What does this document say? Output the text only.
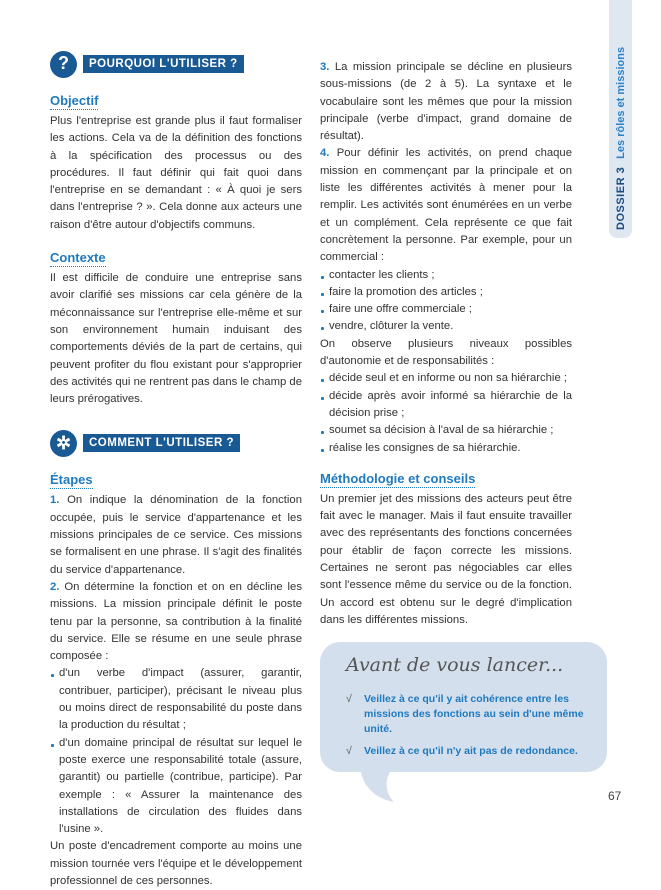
DOSSIER 3Les rôles et missions
?	POURQUOI L'UTILISER ?
Objectif

Plus l'entreprise est grande plus il faut formaliser les actions. Cela va de la définition des fonctions à la spécification des processus ou des procédures. Il faut définir qui fait quoi dans l'entreprise en se demandant : « À quoi je sers dans l'entreprise ? ». Cela donne aux acteurs une raison d'être autour d'objectifs communs.

Contexte

Il est difficile de conduire une entreprise sans avoir clarifié ses missions car cela génère de la méconnaissance sur l'entreprise elle-même et sur son environnement humain induisant des comportements déviés de la part de certains, qui peuvent profiter du flou existant pour s'approprier des activités qui ne rentrent pas dans le champ de leurs prérogatives.

✲	COMMENT L'UTILISER ?
Étapes

1. On indique la dénomination de la fonction occupée, puis le service d'appartenance et les missions principales de ce service. Ces missions se formalisent en une phrase. Il s'agit des finalités du service d'appartenance.

2. On détermine la fonction et on en décline les missions. La mission principale définit le poste tenu par la personne, sa contribution à la finalité du service. Elle se résume en une seule phrase composée :

d'un verbe d'impact (assurer, garantir, contribuer, participer), précisant le niveau plus ou moins direct de responsabilité du poste dans la production du résultat ;
d'un domaine principal de résultat sur lequel le poste exerce une responsabilité totale (assure, garantit) ou partielle (contribue, participe). Par exemple : « Assurer la maintenance des installations de circulation des fluides dans l'usine ».

Un poste d'encadrement comporte au moins une mission tournée vers l'équipe et le développement professionnel de ces personnes.

3. La mission principale se décline en plusieurs sous-missions (de 2 à 5). La syntaxe et le vocabulaire sont les mêmes que pour la mission principale (verbe d'impact, grand domaine de résultat).

4. Pour définir les activités, on prend chaque mission en commençant par la principale et on liste les différentes activités à mener pour la remplir. Les activités sont énumérées en un verbe et un complément. Cela représente ce que fait concrètement la personne. Par exemple, pour un commercial :

contacter les clients ;
faire la promotion des articles ;
faire une offre commerciale ;
vendre, clôturer la vente.

On observe plusieurs niveaux possibles d'autonomie et de responsabilités :

décide seul et en informe ou non sa hiérarchie ;
décide après avoir informé sa hiérarchie de la décision prise ;
soumet sa décision à l'aval de sa hiérarchie ;
réalise les consignes de sa hiérarchie.
Méthodologie et conseils

Un premier jet des missions des acteurs peut être fait avec le manager. Mais il faut ensuite travailler avec des représentants des fonctions concernées pour établir de façon correcte les missions. Certaines ne seront pas négociables car elles sont l'essence même du service ou de la fonction. Un accord est obtenu sur le degré d'implication dans les différentes missions.

Avant de vous lancer...
√ Veillez à ce qu'il y ait cohérence entre les missions des fonctions au sein d'une même unité.
√ Veillez à ce qu'il n'y ait pas de redondance.
67
